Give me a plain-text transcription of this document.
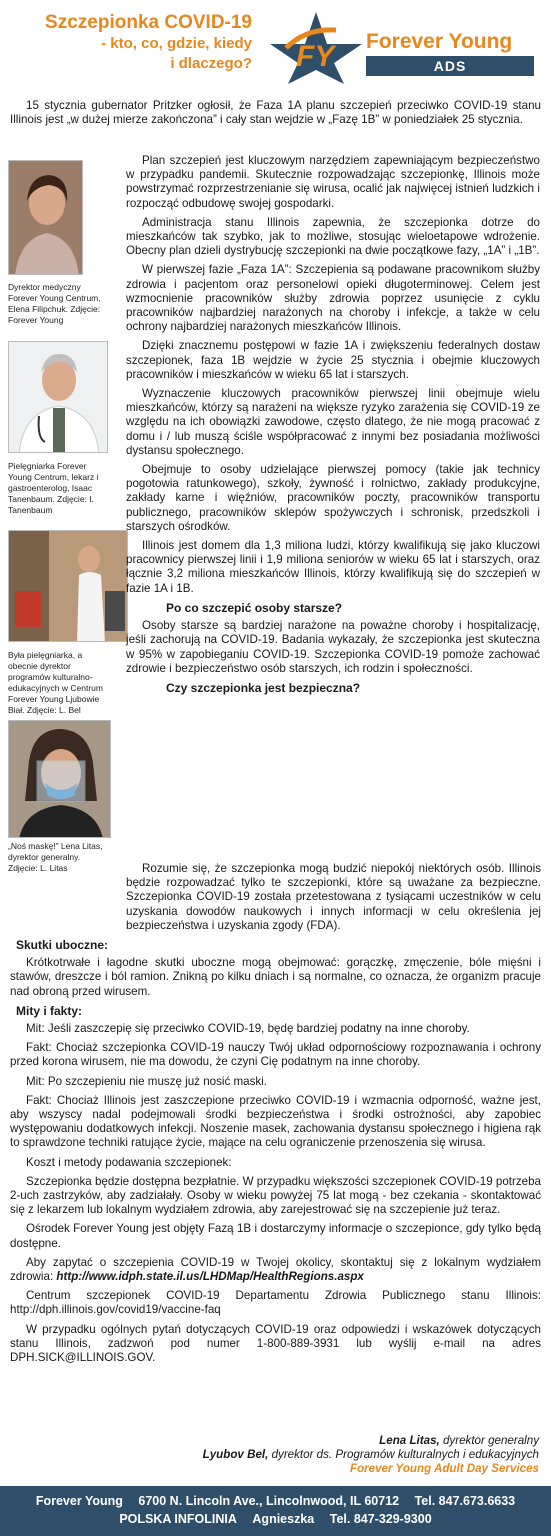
Szczepionka COVID-19
- kto, co, gdzie, kiedy
i dlaczego? FY Forever Young
ADS

15 stycznia gubernator Pritzker ogłosił, że Faza 1A planu szczepień przeciwko COVID-19 stanu Illinois jest „w dużej mierze zakończona” i cały stan wejdzie w „Fazę 1B” w poniedziałek 25 stycznia.

Dyrektor medyczny Forever Young Centrum, Elena Filipchuk. Zdjęcie: Forever Young
Pielęgniarka Forever Young Centrum, lekarz i gastroenterolog, Isaac Tanenbaum. Zdjęcie: I. Tanenbaum
Była pielęgniarka, a obecnie dyrektor programów kulturalno-edukacyjnych w Centrum Forever Young Ljubowie Biał. Zdjęcie: L. Bel
„Noś maskę!” Lena Litas, dyrektor generalny. Zdjęcie: L. Litas

Plan szczepień jest kluczowym narzędziem zapewniającym bezpieczeństwo w przypadku pandemii. Skutecznie rozpowadzając szczepionkę, Illinois może powstrzymać rozprzestrzenianie się wirusa, ocalić jak najwięcej istnień ludzkich i rozpocząć odbudowę swojej gospodarki.

Administracja stanu Illinois zapewnia, że szczepionka dotrze do mieszkańców tak szybko, jak to możliwe, stosując wieloetapowe wdrożenie. Obecny plan dzieli dystrybucję szczepionki na dwie początkowe fazy, „1A” i „1B”.

W pierwszej fazie „Faza 1A”: Szczepienia są podawane pracownikom służby zdrowia i pacjentom oraz personelowi opieki długoterminowej. Celem jest wzmocnienie pracowników służby zdrowia poprzez usunięcie z cyklu pracowników najbardziej narażonych na choroby i infekcje, a także w celu ochrony najbardziej narażonych mieszkańców Illinois.

Dzięki znacznemu postępowi w fazie 1A i zwiększeniu federalnych dostaw szczepionek, faza 1B wejdzie w życie 25 stycznia i obejmie kluczowych pracowników i mieszkańców w wieku 65 lat i starszych.

Wyznaczenie kluczowych pracowników pierwszej linii obejmuje wielu mieszkańców, którzy są narażeni na większe ryzyko zarażenia się COVID-19 ze względu na ich obowiązki zawodowe, często dlatego, że nie mogą pracować z domu i / lub muszą ściśle współpracować z innymi bez posiadania możliwości dystansu społecznego.

Obejmuje to osoby udzielające pierwszej pomocy (takie jak technicy pogotowia ratunkowego), szkoły, żywność i rolnictwo, zakłady produkcyjne, zakłady karne i więźniów, pracowników poczty, pracowników transportu publicznego, pracowników sklepów spożywczych i schronisk, przedszkoli i starszych ośrodków.

Illinois jest domem dla 1,3 miliona ludzi, którzy kwalifikują się jako kluczowi pracownicy pierwszej linii i 1,9 miliona seniorów w wieku 65 lat i starszych, oraz łącznie 3,2 miliona mieszkańców Illinois, którzy kwalifikują się do szczepień w fazie 1A i 1B.

Po co szczepić osoby starsze?

Osoby starsze są bardziej narażone na poważne choroby i hospitalizację, jeśli zachorują na COVID-19. Badania wykazały, że szczepionka jest skuteczna w 95% w zapobieganiu COVID-19. Szczepionka COVID-19 pomoże zachować zdrowie i bezpieczeństwo osób starszych, ich rodzin i społeczności.

Czy szczepionka jest bezpieczna?

Rozumie się, że szczepionka mogą budzić niepokój niektórych osób. Illinois będzie rozpowadzać tylko te szczepionki, które są uważane za bezpieczne. Szczepionka COVID-19 została przetestowana z tysiącami uczestników w celu uzyskania dowodów naukowych i innych informacji w celu określenia jej bezpieczeństwa i uzyskania zgody (FDA).

Skutki uboczne:

Krótkotrwałe i łagodne skutki uboczne mogą obejmować: gorączkę, zmęczenie, bóle mięśni i stawów, dreszcze i ból ramion. Znikną po kilku dniach i są normalne, co oznacza, że organizm pracuje nad obroną przed wirusem.

Mity i fakty:

Mit: Jeśli zaszczepię się przeciwko COVID-19, będę bardziej podatny na inne choroby.

Fakt: Chociaż szczepionka COVID-19 nauczy Twój układ odpornościowy rozpoznawania i ochrony przed korona wirusem, nie ma dowodu, że czyni Cię podatnym na inne choroby.

Mit: Po szczepieniu nie muszę już nosić maski.

Fakt: Chociaż Illinois jest zaszczepione przeciwko COVID-19 i wzmacnia odporność, ważne jest, aby wszyscy nadal podejmowali środki bezpieczeństwa i środki ostrożności, aby zapobiec występowaniu dodatkowych infekcji. Noszenie masek, zachowania dystansu społecznego i higiena rąk to sprawdzone techniki ratujące życie, mające na celu ograniczenie przenoszenia się wirusa.

Koszt i metody podawania szczepionek:

Szczepionka będzie dostępna bezpłatnie. W przypadku większości szczepionek COVID-19 potrzeba 2-uch zastrzyków, aby zadziałały. Osoby w wieku powyżej 75 lat mogą - bez czekania - skontaktować się z lekarzem lub lokalnym wydziałem zdrowia, aby zarejestrować się na szczepienie już teraz.

Ośrodek Forever Young jest objęty Fazą 1B i dostarczymy informacje o szczepionce, gdy tylko będą dostępne.

Aby zapytać o szczepienia COVID-19 w Twojej okolicy, skontaktuj się z lokalnym wydziałem zdrowia: http://www.idph.state.il.us/LHDMap/HealthRegions.aspx

Centrum szczepionek COVID-19 Departamentu Zdrowia Publicznego stanu Illinois: http://dph.illinois.gov/covid19/vaccine-faq

W przypadku ogólnych pytań dotyczących COVID-19 oraz odpowiedzi i wskazówek dotyczących stanu Illinois, zadzwoń pod numer 1-800-889-3931 lub wyślij e-mail na adres DPH.SICK@ILLINOIS.GOV.

Lena Litas, dyrektor generalny
Lyubov Bel, dyrektor ds. Programów kulturalnych i edukacyjnych
Forever Young Adult Day Services
Forever Young 6700 N. Lincoln Ave., Lincolnwood, IL 60712 Tel. 847.673.6633
POLSKA INFOLINIA Agnieszka Tel. 847-329-9300
